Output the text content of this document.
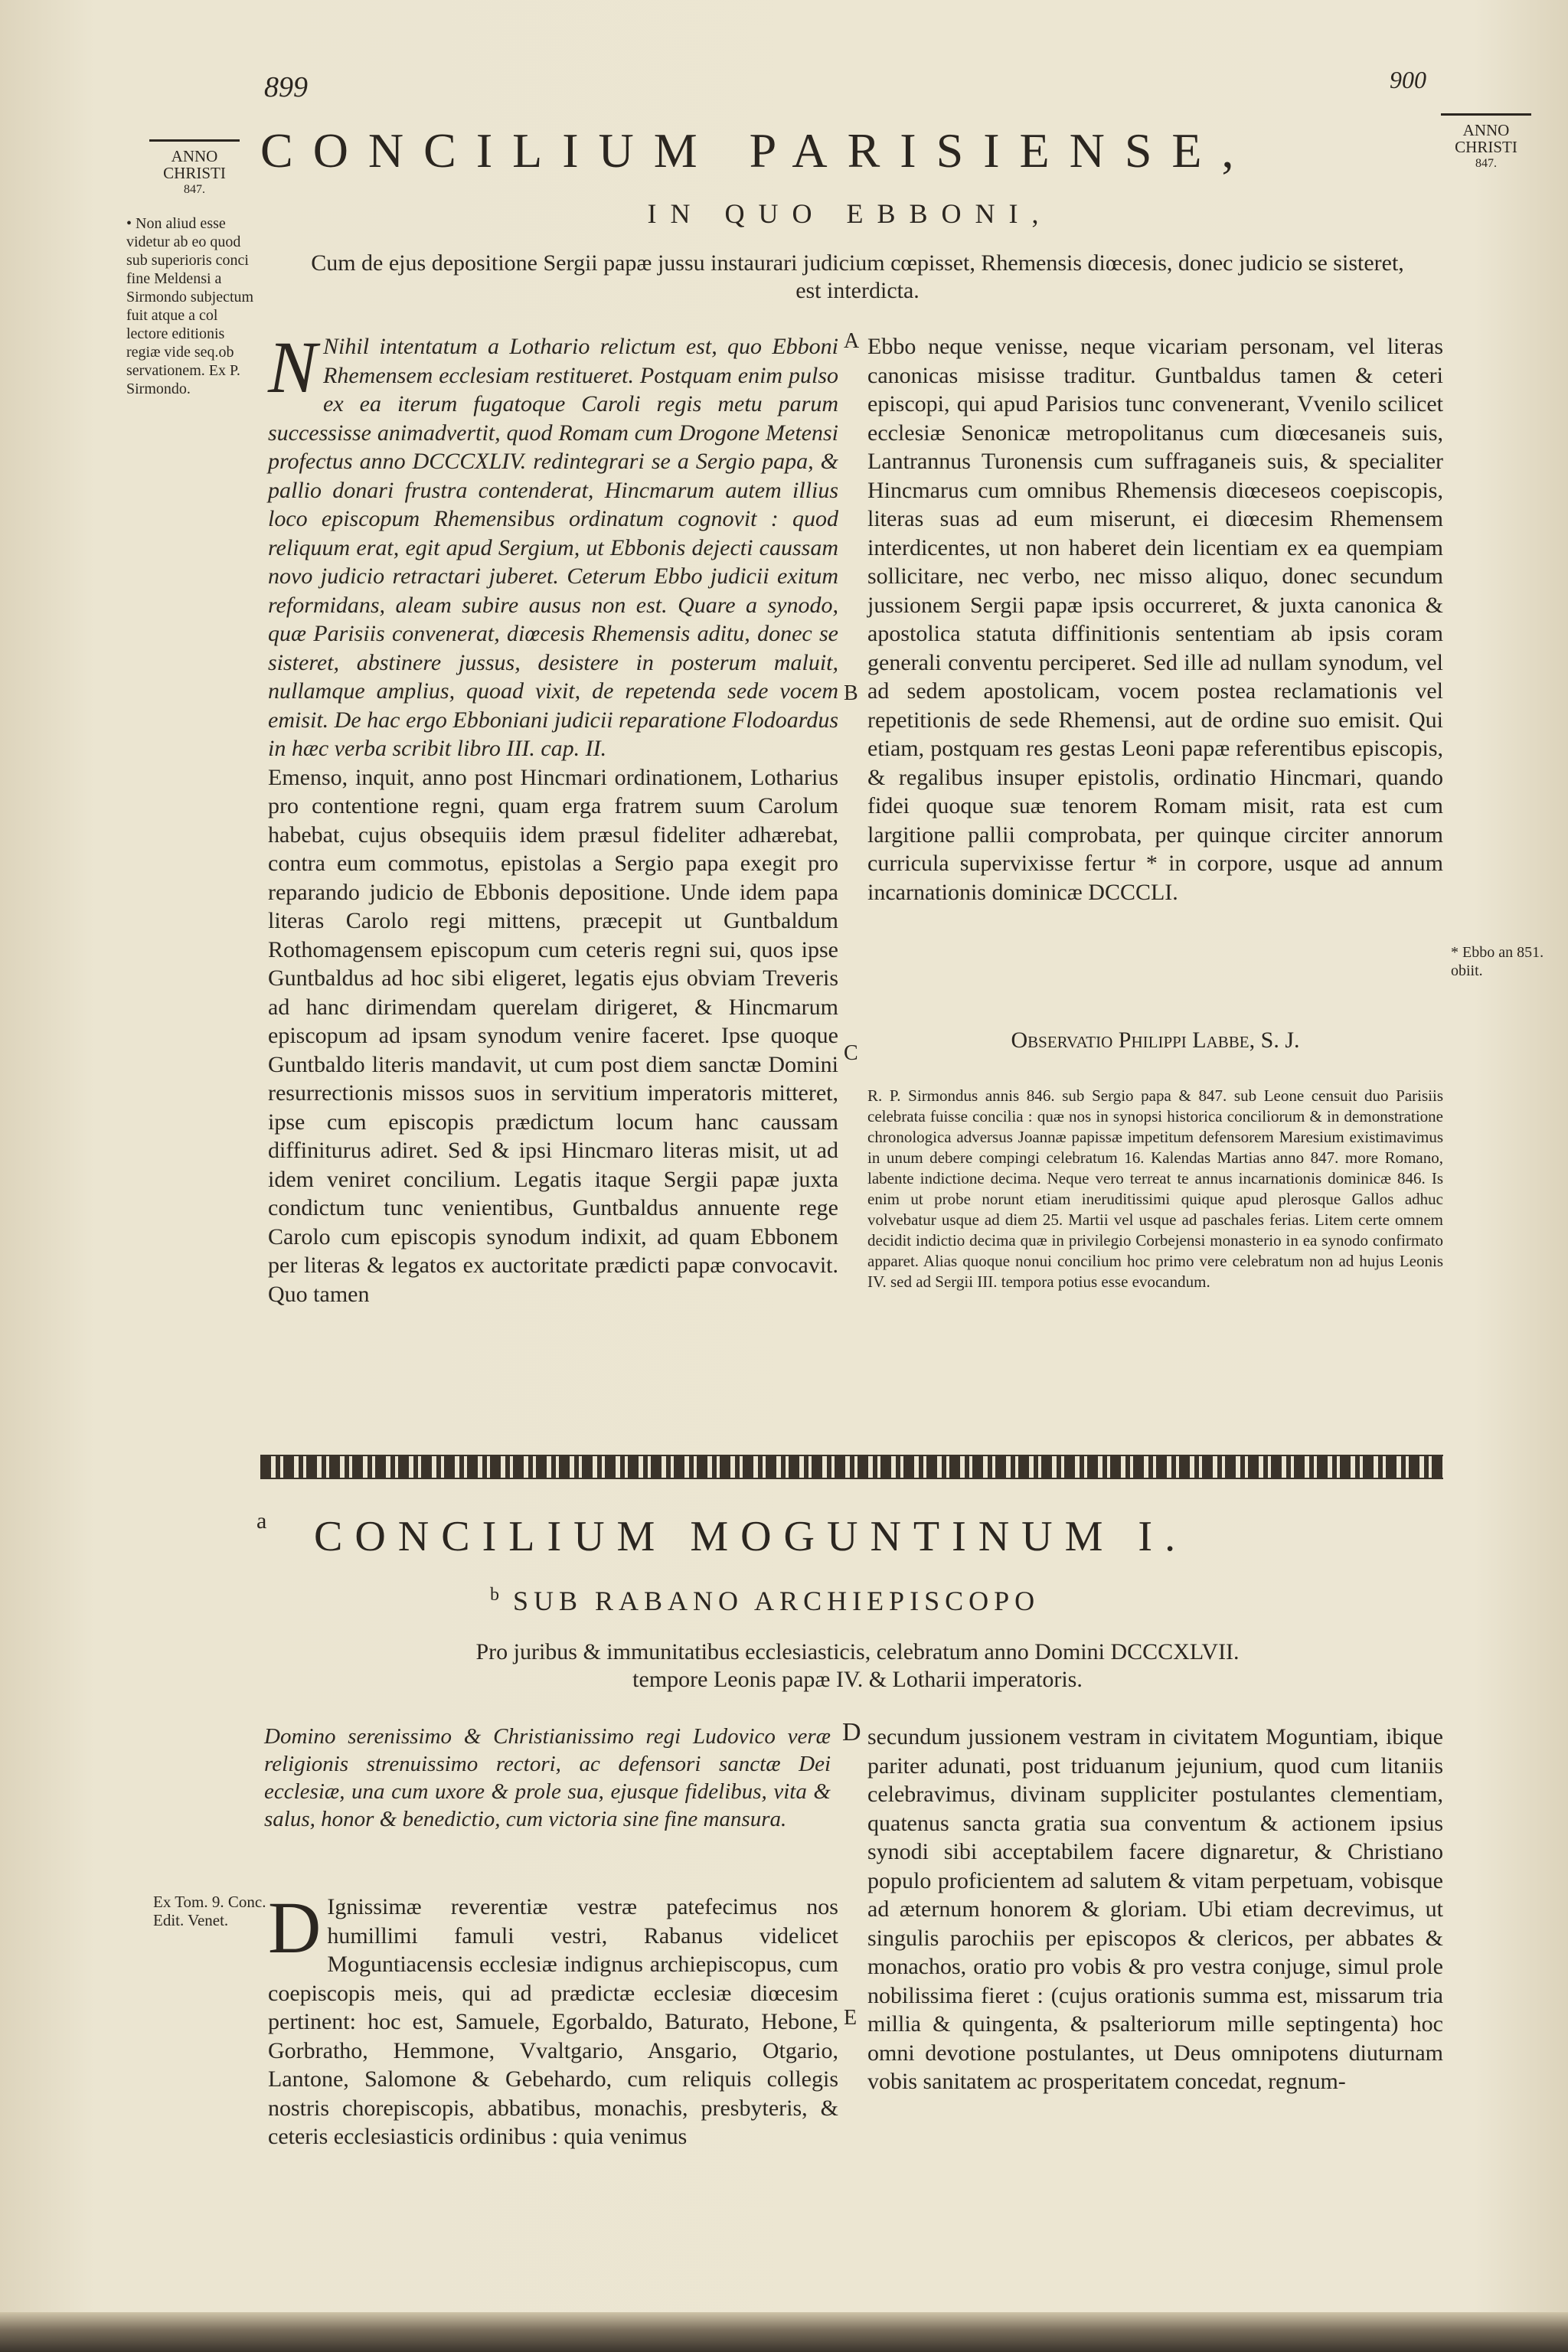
899	900
ANNO
CHRISTI
847.
ANNO
CHRISTI
847.
• Non aliud esse videtur ab eo quod sub superioris conci fine Meldensi a Sirmondo subjectum fuit atque a col lectore editionis regiæ vide seq.ob servationem. Ex P. Sirmondo.
* Ebbo an 851. obiit.
CONCILIUM PARISIENSE,
IN QUO EBBONI,
Cum de ejus depositione Sergii papæ jussu instaurari judicium cœpisset, Rhemensis diœcesis, donec judicio se sisteret, est interdicta.

N Nihil intentatum a Lothario relictum est, quo Ebboni Rhemensem ecclesiam restitueret. Postquam enim pulso ex ea iterum fugatoque Caroli regis metu parum successisse animadvertit, quod Romam cum Drogone Metensi profectus anno DCCCXLIV. redintegrari se a Sergio papa, & pallio donari frustra contenderat, Hincmarum autem illius loco episcopum Rhemensibus ordinatum cognovit : quod reliquum erat, egit apud Sergium, ut Ebbonis dejecti caussam novo judicio retractari juberet. Ceterum Ebbo judicii exitum reformidans, aleam subire ausus non est. Quare a synodo, quæ Parisiis convenerat, diœcesis Rhemensis aditu, donec se sisteret, abstinere jussus, desistere in posterum maluit, nullamque amplius, quoad vixit, de repetenda sede vocem emisit. De hac ergo Ebboniani judicii reparatione Flodoardus in hæc verba scribit libro III. cap. II.

Emenso, inquit, anno post Hincmari ordinationem, Lotharius pro contentione regni, quam erga fratrem suum Carolum habebat, cujus obsequiis idem præsul fideliter adhærebat, contra eum commotus, epistolas a Sergio papa exegit pro reparando judicio de Ebbonis depositione. Unde idem papa literas Carolo regi mittens, præcepit ut Guntbaldum Rothomagensem episcopum cum ceteris regni sui, quos ipse Guntbaldus ad hoc sibi eligeret, legatis ejus obviam Treveris ad hanc dirimendam querelam dirigeret, & Hincmarum episcopum ad ipsam synodum venire faceret. Ipse quoque Guntbaldo literis mandavit, ut cum post diem sanctæ Domini resurrectionis missos suos in servitium imperatoris mitteret, ipse cum episcopis prædictum locum hanc caussam diffiniturus adiret. Sed & ipsi Hincmaro literas misit, ut ad idem veniret concilium. Legatis itaque Sergii papæ juxta condictum tunc venientibus, Guntbaldus annuente rege Carolo cum episcopis synodum indixit, ad quam Ebbonem per literas & legatos ex auctoritate prædicti papæ convocavit. Quo tamen

A
B
C
Ebbo neque venisse, neque vicariam personam, vel literas canonicas misisse traditur. Guntbaldus tamen & ceteri episcopi, qui apud Parisios tunc convenerant, Vvenilo scilicet ecclesiæ Senonicæ metropolitanus cum diœcesaneis suis, Lantrannus Turonensis cum suffraganeis suis, & specialiter Hincmarus cum omnibus Rhemensis diœceseos coepiscopis, literas suas ad eum miserunt, ei diœcesim Rhemensem interdicentes, ut non haberet dein licentiam ex ea quempiam sollicitare, nec verbo, nec misso aliquo, donec secundum jussionem Sergii papæ ipsis occurreret, & juxta canonica & apostolica statuta diffinitionis sententiam ab ipsis coram generali conventu perciperet. Sed ille ad nullam synodum, vel ad sedem apostolicam, vocem postea reclamationis vel repetitionis de sede Rhemensi, aut de ordine suo emisit. Qui etiam, postquam res gestas Leoni papæ referentibus episcopis, & regalibus insuper epistolis, ordinatio Hincmari, quando fidei quoque suæ tenorem Romam misit, rata est cum largitione pallii comprobata, per quinque circiter annorum curricula supervixisse fertur * in corpore, usque ad annum incarnationis dominicæ DCCCLI.
Observatio Philippi Labbe, S. J.
R. P. Sirmondus annis 846. sub Sergio papa & 847. sub Leone censuit duo Parisiis celebrata fuisse concilia : quæ nos in synopsi historica conciliorum & in demonstratione chronologica adversus Joannæ papissæ impetitum defensorem Maresium existimavimus in unum debere compingi celebratum 16. Kalendas Martias anno 847. more Romano, labente indictione decima. Neque vero terreat te annus incarnationis dominicæ 846. Is enim ut probe norunt etiam ineruditissimi quique apud plerosque Gallos adhuc volvebatur usque ad diem 25. Martii vel usque ad paschales ferias. Litem certe omnem decidit indictio decima quæ in privilegio Corbejensi monasterio in ea synodo confirmato apparet. Alias quoque nonui concilium hoc primo vere celebratum non ad hujus Leonis IV. sed ad Sergii III. tempora potius esse evocandum.
a CONCILIUM MOGUNTINUM I.
b SUB RABANO ARCHIEPISCOPO
Pro juribus & immunitatibus ecclesiasticis, celebratum anno Domini DCCCXLVII.
tempore Leonis papæ IV. & Lotharii imperatoris.
Domino serenissimo & Christianissimo regi Ludovico veræ religionis strenuissimo rectori, ac defensori sanctæ Dei ecclesiæ, una cum uxore & prole sua, ejusque fidelibus, vita & salus, honor & benedictio, cum victoria sine fine mansura.
D
E
Ex Tom. 9. Conc. Edit. Venet. D Ignissimæ reverentiæ vestræ patefecimus nos humillimi famuli vestri, Rabanus videlicet Moguntiacensis ecclesiæ indignus archiepiscopus, cum coepiscopis meis, qui ad prædictæ ecclesiæ diœcesim pertinent: hoc est, Samuele, Egorbaldo, Baturato, Hebone, Gorbratho, Hemmone, Vvaltgario, Ansgario, Otgario, Lantone, Salomone & Gebehardo, cum reliquis collegis nostris chorepiscopis, abbatibus, monachis, presbyteris, & ceteris ecclesiasticis ordinibus : quia venimus
secundum jussionem vestram in civitatem Moguntiam, ibique pariter adunati, post triduanum jejunium, quod cum litaniis celebravimus, divinam suppliciter postulantes clementiam, quatenus sancta gratia sua conventum & actionem ipsius synodi sibi acceptabilem facere dignaretur, & Christiano populo proficientem ad salutem & vitam perpetuam, vobisque ad æternum honorem & gloriam. Ubi etiam decrevimus, ut singulis parochiis per episcopos & clericos, per abbates & monachos, oratio pro vobis & pro vestra conjuge, simul prole nobilissima fieret : (cujus orationis summa est, missarum tria millia & quingenta, & psalteriorum mille septingenta) hoc omni devotione postulantes, ut Deus omnipotens diuturnam vobis sanitatem ac prosperitatem concedat, regnum-
